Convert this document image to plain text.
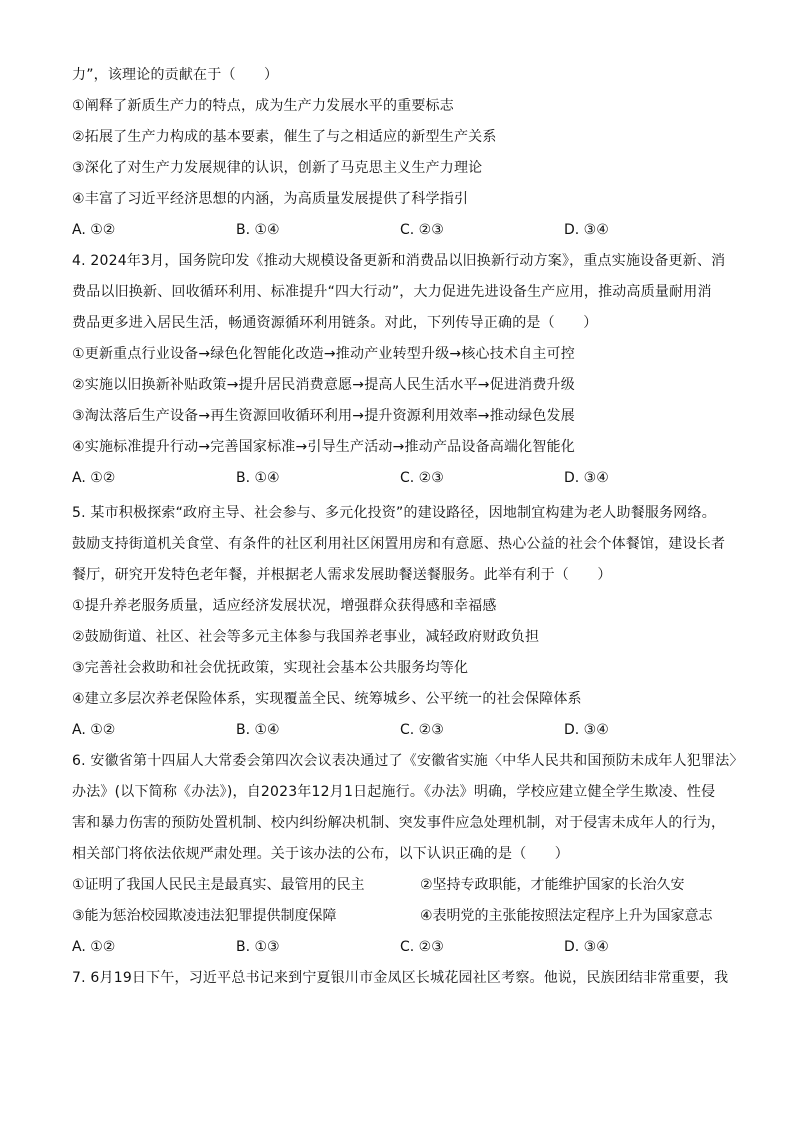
力”，该理论的贡献在于（　　）
①阐释了新质生产力的特点，成为生产力发展水平的重要标志
②拓展了生产力构成的基本要素，催生了与之相适应的新型生产关系
③深化了对生产力发展规律的认识，创新了马克思主义生产力理论
④丰富了习近平经济思想的内涵，为高质量发展提供了科学指引
A. ①②	B. ①④	C. ②③	D. ③④
4. 2024年3月，国务院印发《推动大规模设备更新和消费品以旧换新行动方案》，重点实施设备更新、消
费品以旧换新、回收循环利用、标准提升“四大行动”，大力促进先进设备生产应用，推动高质量耐用消
费品更多进入居民生活，畅通资源循环利用链条。对此，下列传导正确的是（　　）
①更新重点行业设备→绿色化智能化改造→推动产业转型升级→核心技术自主可控
②实施以旧换新补贴政策→提升居民消费意愿→提高人民生活水平→促进消费升级
③淘汰落后生产设备→再生资源回收循环利用→提升资源利用效率→推动绿色发展
④实施标准提升行动→完善国家标准→引导生产活动→推动产品设备高端化智能化
A. ①②	B. ①④	C. ②③	D. ③④
5. 某市积极探索“政府主导、社会参与、多元化投资”的建设路径，因地制宜构建为老人助餐服务网络。
鼓励支持街道机关食堂、有条件的社区利用社区闲置用房和有意愿、热心公益的社会个体餐馆，建设长者
餐厅，研究开发特色老年餐，并根据老人需求发展助餐送餐服务。此举有利于（　　）
①提升养老服务质量，适应经济发展状况，增强群众获得感和幸福感
②鼓励街道、社区、社会等多元主体参与我国养老事业，减轻政府财政负担
③完善社会救助和社会优抚政策，实现社会基本公共服务均等化
④建立多层次养老保险体系，实现覆盖全民、统筹城乡、公平统一的社会保障体系
A. ①②	B. ①④	C. ②③	D. ③④
6. 安徽省第十四届人大常委会第四次会议表决通过了《安徽省实施〈中华人民共和国预防未成年人犯罪法〉
办法》(以下简称《办法》)，自2023年12月1日起施行。《办法》明确，学校应建立健全学生欺凌、性侵
害和暴力伤害的预防处置机制、校内纠纷解决机制、突发事件应急处理机制，对于侵害未成年人的行为，
相关部门将依法依规严肃处理。关于该办法的公布，以下认识正确的是（　　）
①证明了我国人民民主是最真实、最管用的民主	②坚持专政职能，才能维护国家的长治久安
③能为惩治校园欺凌违法犯罪提供制度保障	④表明党的主张能按照法定程序上升为国家意志
A. ①②	B. ①③	C. ②③	D. ③④
7. 6月19日下午，习近平总书记来到宁夏银川市金凤区长城花园社区考察。他说，民族团结非常重要，我
